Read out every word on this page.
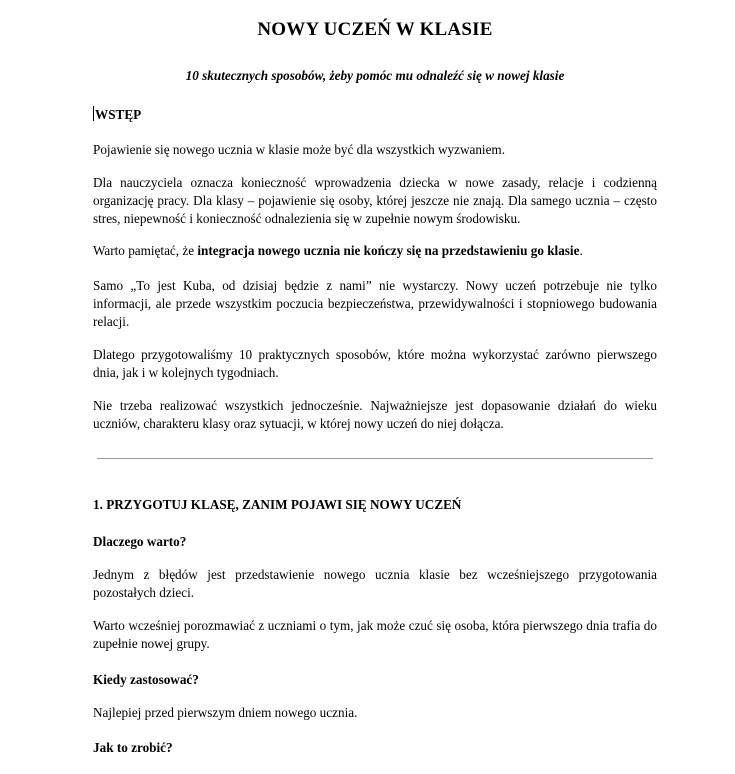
NOWY UCZEŃ W KLASIE
10 skutecznych sposobów, żeby pomóc mu odnaleźć się w nowej klasie
WSTĘP
Pojawienie się nowego ucznia w klasie może być dla wszystkich wyzwaniem.
Dla nauczyciela oznacza konieczność wprowadzenia dziecka w nowe zasady, relacje i codzienną organizację pracy. Dla klasy – pojawienie się osoby, której jeszcze nie znają. Dla samego ucznia – często stres, niepewność i konieczność odnalezienia się w zupełnie nowym środowisku.
Warto pamiętać, że integracja nowego ucznia nie kończy się na przedstawieniu go klasie.
Samo „To jest Kuba, od dzisiaj będzie z nami” nie wystarczy. Nowy uczeń potrzebuje nie tylko informacji, ale przede wszystkim poczucia bezpieczeństwa, przewidywalności i stopniowego budowania relacji.
Dlatego przygotowaliśmy 10 praktycznych sposobów, które można wykorzystać zarówno pierwszego dnia, jak i w kolejnych tygodniach.
Nie trzeba realizować wszystkich jednocześnie. Najważniejsze jest dopasowanie działań do wieku uczniów, charakteru klasy oraz sytuacji, w której nowy uczeń do niej dołącza.
1. PRZYGOTUJ KLASĘ, ZANIM POJAWI SIĘ NOWY UCZEŃ
Dlaczego warto?
Jednym z błędów jest przedstawienie nowego ucznia klasie bez wcześniejszego przygotowania pozostałych dzieci.
Warto wcześniej porozmawiać z uczniami o tym, jak może czuć się osoba, która pierwszego dnia trafia do zupełnie nowej grupy.
Kiedy zastosować?
Najlepiej przed pierwszym dniem nowego ucznia.
Jak to zrobić?
